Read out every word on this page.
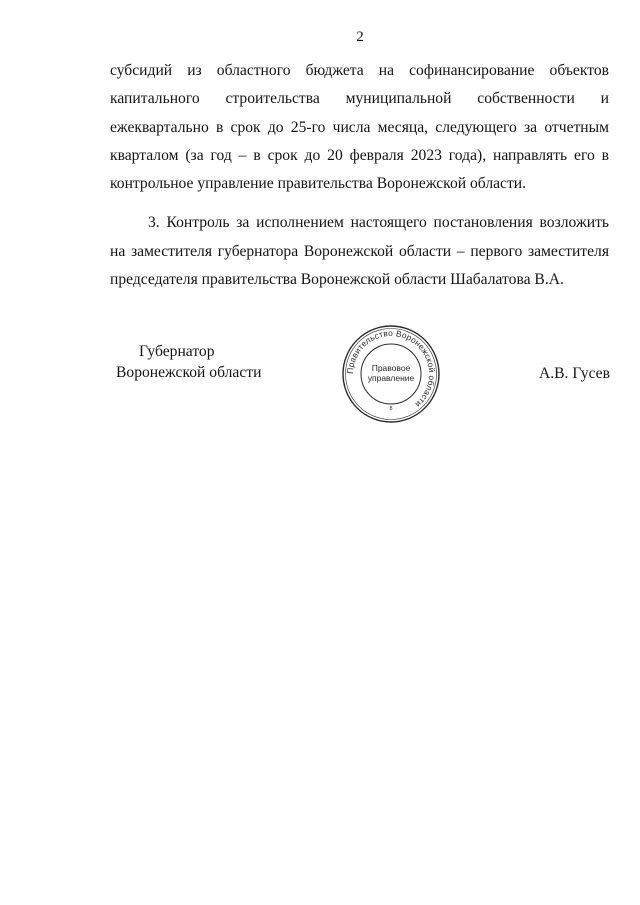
2

субсидий из областного бюджета на софинансирование объектов капитального строительства муниципальной собственности и ежеквартально в срок до 25-го числа месяца, следующего за отчетным кварталом (за год – в срок до 20 февраля 2023 года), направлять его в контрольное управление правительства Воронежской области.

3. Контроль за исполнением настоящего постановления возложить на заместителя губернатора Воронежской области – первого заместителя председателя правительства Воронежской области Шабалатова В.А.

Губернатор
Воронежской области	Правительство Воронежской области
Правовое
управление
8
А.В. Гусев
